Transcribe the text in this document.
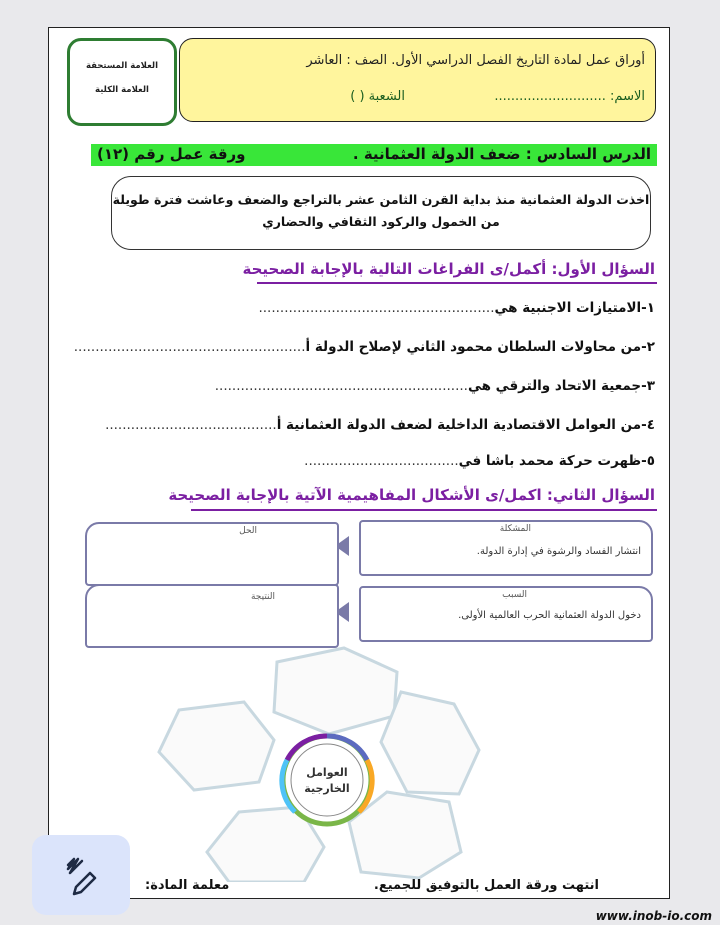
أوراق عمل لمادة التاريخ الفصل الدراسي الأول. الصف : العاشر
الاسم: ...........................
الشعبة ( )
العلامة المستحقة
العلامة الكلية
الدرس السادس : ضعف الدولة العثمانية .
ورقة عمل رقم (١٢)
اخذت الدولة العثمانية منذ بداية القرن الثامن عشر بالتراجع والضعف وعاشت فترة طويلة
من الخمول والركود الثقافي والحضاري
السؤال الأول: أكمل/ى الفراغات التالية بالإجابة الصحيحة
١-الامتيازات الاجنبية هي.......................................................
٢-من محاولات السلطان محمود الثاني لإصلاح الدولة أ......................................................
٣-جمعية الاتحاد والترقي هي...........................................................
٤-من العوامل الاقتصادية الداخلية لضعف الدولة العثمانية أ........................................
٥-ظهرت حركة محمد باشا في....................................
السؤال الثاني: اكمل/ى الأشكال المفاهيمية الآتية بالإجابة الصحيحة
المشكلة
انتشار الفساد والرشوة في إدارة الدولة.
الحل
السبب
دخول الدولة العثمانية الحرب العالمية الأولى.
النتيجة
العوامل
الخارجية
انتهت ورقة العمل بالتوفيق للجميع.
معلمة المادة:
www.inob-io.com
